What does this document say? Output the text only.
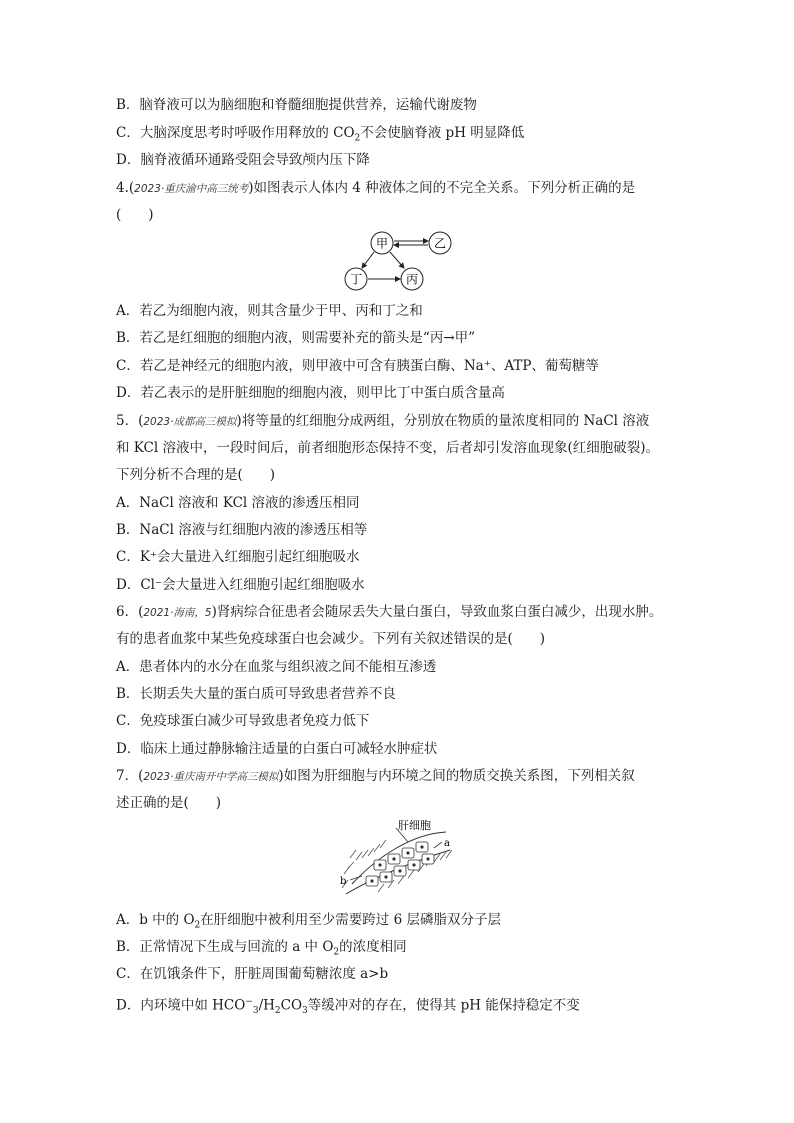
B．脑脊液可以为脑细胞和脊髓细胞提供营养，运输代谢废物
C．大脑深度思考时呼吸作用释放的 $CO_2$不会使脑脊液 pH 明显降低
D．脑脊液循环通路受阻会导致颅内压下降
4.(2023·重庆渝中高三统考)如图表示人体内 4 种液体之间的不完全关系。下列分析正确的是
(　　)
甲	乙
丁	丙
A．若乙为细胞内液，则其含量少于甲、丙和丁之和
B．若乙是红细胞的细胞内液，则需要补充的箭头是“丙→甲”
C．若乙是神经元的细胞内液，则甲液中可含有胰蛋白酶、Na⁺、ATP、葡萄糖等
D．若乙表示的是肝脏细胞的细胞内液，则甲比丁中蛋白质含量高
5．(2023·成都高三模拟)将等量的红细胞分成两组，分别放在物质的量浓度相同的 NaCl 溶液
和 KCl 溶液中，一段时间后，前者细胞形态保持不变，后者却引发溶血现象(红细胞破裂)。
下列分析不合理的是(　　)
A．NaCl 溶液和 KCl 溶液的渗透压相同
B．NaCl 溶液与红细胞内液的渗透压相等
C．K⁺会大量进入红细胞引起红细胞吸水
D．Cl⁻会大量进入红细胞引起红细胞吸水
6．(2021·海南，5)肾病综合征患者会随尿丢失大量白蛋白，导致血浆白蛋白减少，出现水肿。
有的患者血浆中某些免疫球蛋白也会减少。下列有关叙述错误的是(　　)
A．患者体内的水分在血浆与组织液之间不能相互渗透
B．长期丢失大量的蛋白质可导致患者营养不良
C．免疫球蛋白减少可导致患者免疫力低下
D．临床上通过静脉输注适量的白蛋白可减轻水肿症状
7．(2023·重庆南开中学高三模拟)如图为肝细胞与内环境之间的物质交换关系图，下列相关叙
述正确的是(　　)
肝细胞
a
b
A．b 中的 $O_2$在肝细胞中被利用至少需要跨过 6 层磷脂双分子层
B．正常情况下生成与回流的 a 中 $O_2$的浓度相同
C．在饥饿条件下，肝脏周围葡萄糖浓度 a>b
D．内环境中如 $HCO^-_3/H_2CO_3$等缓冲对的存在，使得其 pH 能保持稳定不变
